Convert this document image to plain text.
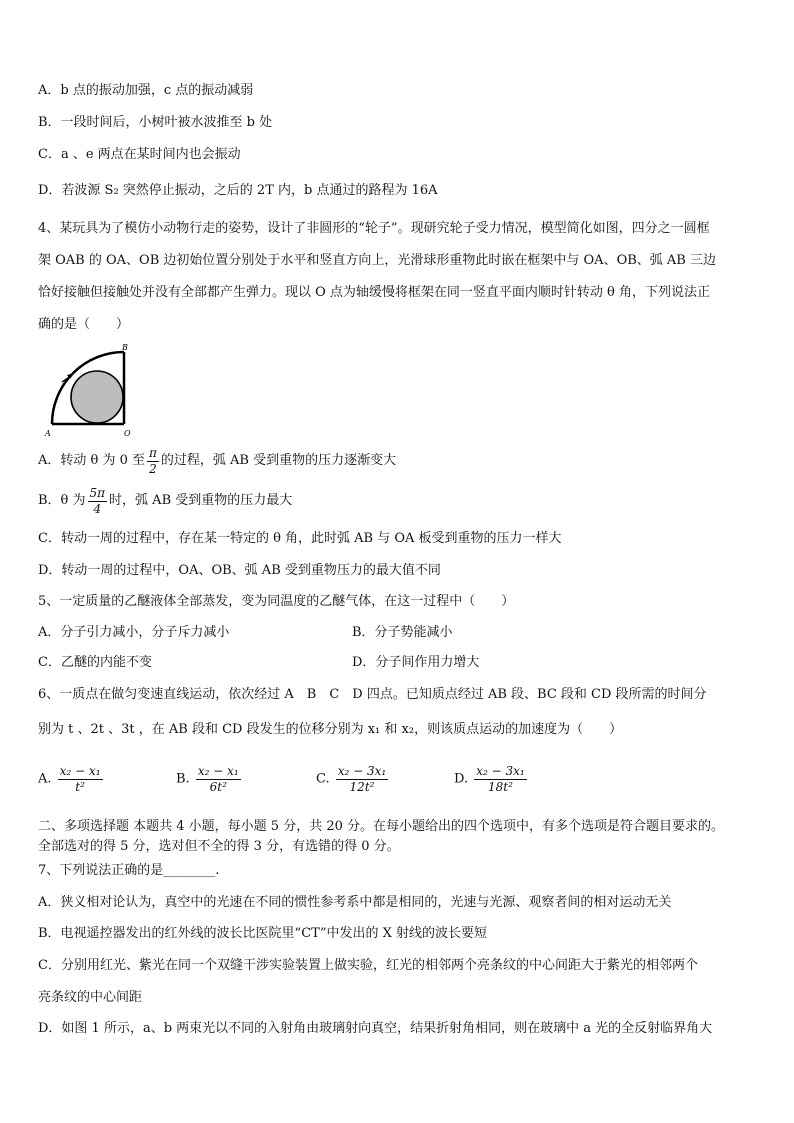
A．b 点的振动加强，c 点的振动减弱
B．一段时间后，小树叶被水波推至 b 处
C．a 、e 两点在某时间内也会振动
D．若波源 S₂ 突然停止振动，之后的 2T 内，b 点通过的路程为 16A
4、某玩具为了模仿小动物行走的姿势，设计了非圆形的“轮子”。现研究轮子受力情况，模型简化如图，四分之一圆框
架 OAB 的 OA、OB 边初始位置分别处于水平和竖直方向上，光滑球形重物此时嵌在框架中与 OA、OB、弧 AB 三边
恰好接触但接触处并没有全部都产生弹力。现以 O 点为轴缓慢将框架在同一竖直平面内顺时针转动 θ 角，下列说法正
确的是（　　）
B
A	O
A．转动 θ 为 0 至 $\frac{\pi}{2}$ 的过程，弧 AB 受到重物的压力逐渐变大
B．θ 为 $\frac{5\pi}{4}$ 时，弧 AB 受到重物的压力最大
C．转动一周的过程中，存在某一特定的 θ 角，此时弧 AB 与 OA 板受到重物的压力一样大
D．转动一周的过程中，OA、OB、弧 AB 受到重物压力的最大值不同
5、一定质量的乙醚液体全部蒸发，变为同温度的乙醚气体，在这一过程中（　　）
A．分子引力减小，分子斥力减小	B．分子势能减小
C．乙醚的内能不变	D．分子间作用力增大
6、一质点在做匀变速直线运动，依次经过 A　B　C　D 四点。已知质点经过 AB 段、BC 段和 CD 段所需的时间分
别为 t 、2t 、3t ，在 AB 段和 CD 段发生的位移分别为 x₁ 和 x₂，则该质点运动的加速度为（　　）
A. $\frac{\text{x₂ − x₁}}{\text{t²}}$	B. $\frac{\text{x₂ − x₁}}{\text{6t²}}$	C. $\frac{\text{x₂ − 3x₁}}{\text{12t²}}$	D. $\frac{\text{x₂ − 3x₁}}{\text{18t²}}$
二、多项选择题 本题共 4 小题，每小题 5 分，共 20 分。在每小题给出的四个选项中，有多个选项是符合题目要求的。
全部选对的得 5 分，选对但不全的得 3 分，有选错的得 0 分。
7、下列说法正确的是________.
A．狭义相对论认为，真空中的光速在不同的惯性参考系中都是相同的，光速与光源、观察者间的相对运动无关
B．电视遥控器发出的红外线的波长比医院里“CT”中发出的 X 射线的波长要短
C．分别用红光、紫光在同一个双缝干涉实验装置上做实验，红光的相邻两个亮条纹的中心间距大于紫光的相邻两个
亮条纹的中心间距
D．如图 1 所示，a、b 两束光以不同的入射角由玻璃射向真空，结果折射角相同，则在玻璃中 a 光的全反射临界角大
